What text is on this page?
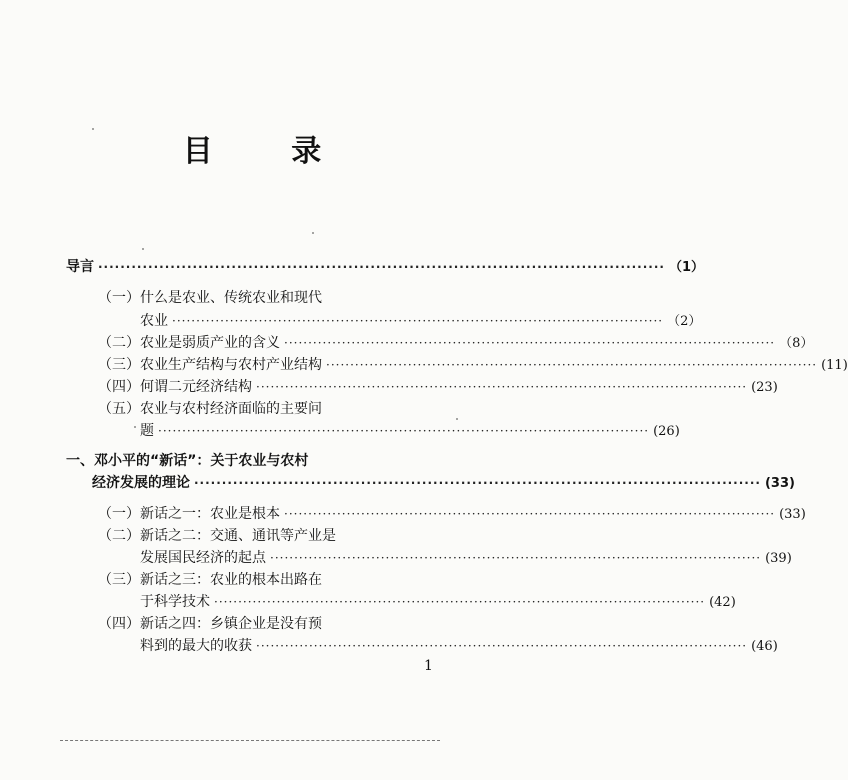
目 录
导言 ······································································································ （1）
（一）什么是农业、传统农业和现代
农业 ······································································································ （2）
（二） 农业是弱质产业的含义 ······································································································ （8）
（三） 农业生产结构与农村产业结构 ······································································································ (11)
（四） 何谓二元经济结构 ······································································································ (23)
（五）农业与农村经济面临的主要问
题 ······································································································ (26)
一、邓小平的“新话”：关于农业与农村
经济发展的理论 ······································································································ (33)
（一） 新话之一：农业是根本 ······································································································ (33)
（二）新话之二：交通、通讯等产业是
发展国民经济的起点 ······································································································ (39)
（三）新话之三：农业的根本出路在
于科学技术 ······································································································ (42)
（四）新话之四：乡镇企业是没有预
料到的最大的收获 ······································································································ (46)
1
